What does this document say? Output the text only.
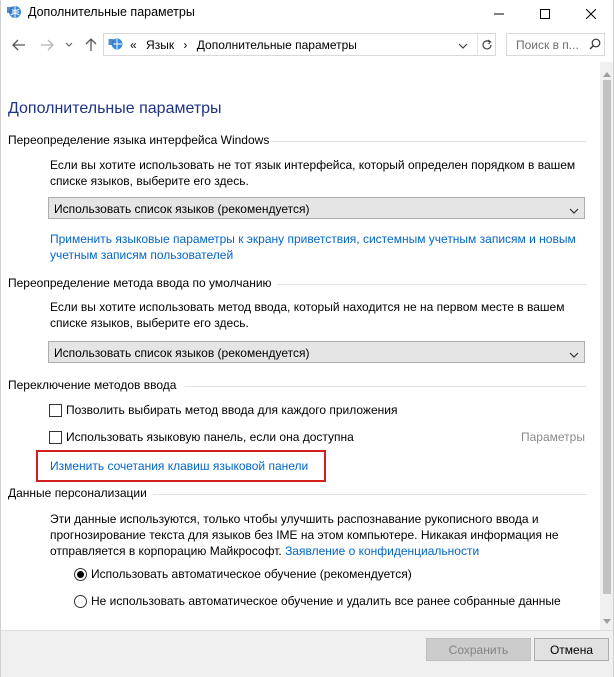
Дополнительные параметры
« Язык › Дополнительные параметры	Поиск в п...
Дополнительные параметры
Переопределение языка интерфейса Windows
Если вы хотите использовать не тот язык интерфейса, который определен порядком в вашем списке языков, выберите его здесь.
Использовать список языков (рекомендуется)
Применить языковые параметры к экрану приветствия, системным учетным записям и новым учетным записям пользователей
Переопределение метода ввода по умолчанию
Если вы хотите использовать метод ввода, который находится не на первом месте в вашем списке языков, выберите его здесь.
Использовать список языков (рекомендуется)
Переключение методов ввода
Позволить выбирать метод ввода для каждого приложения
Использовать языковую панель, если она доступна	Параметры
Изменить сочетания клавиш языковой панели
Данные персонализации
Эти данные используются, только чтобы улучшить распознавание рукописного ввода и прогнозирование текста для языков без IME на этом компьютере. Никакая информация не отправляется в корпорацию Майкрософт. Заявление о конфиденциальности
Использовать автоматическое обучение (рекомендуется)
Не использовать автоматическое обучение и удалить все ранее собранные данные
Сохранить	Отмена
